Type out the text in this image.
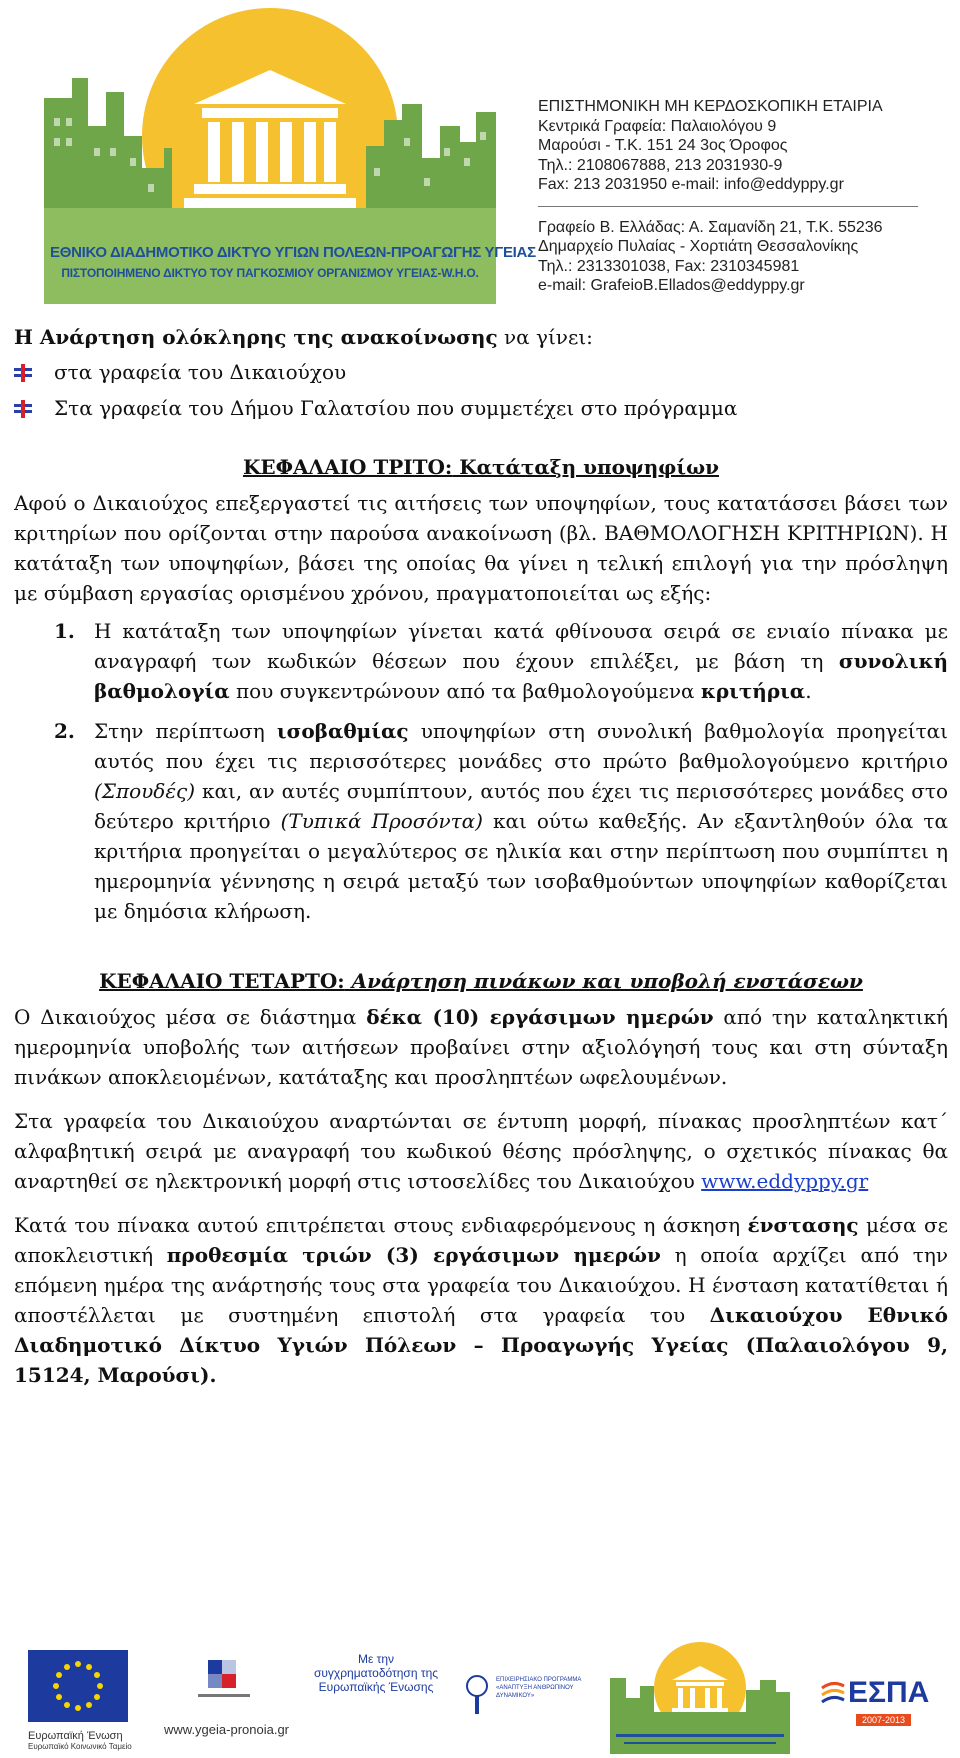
ΕΘΝΙΚΟ ΔΙΑΔΗΜΟΤΙΚΟ ΔΙΚΤΥΟ ΥΓΙΩΝ ΠΟΛΕΩΝ-ΠΡΟΑΓΩΓΗΣ ΥΓΕΙΑΣ
ΠΙΣΤΟΠΟΙΗΜΕΝΟ ΔΙΚΤΥΟ ΤΟΥ ΠΑΓΚΟΣΜΙΟΥ ΟΡΓΑΝΙΣΜΟΥ ΥΓΕΙΑΣ-W.H.O.
ΕΠΙΣΤΗΜΟΝΙΚΗ ΜΗ ΚΕΡΔΟΣΚΟΠΙΚΗ ΕΤΑΙΡΙΑ
Κεντρικά Γραφεία: Παλαιολόγου 9
Μαρούσι - Τ.Κ. 151 24 3ος Όροφος
Τηλ.: 2108067888, 213 2031930-9
Fax: 213 2031950 e-mail: info@eddyppy.gr
Γραφείο Β. Ελλάδας: Α. Σαμανίδη 21, Τ.Κ. 55236
Δημαρχείο Πυλαίας - Χορτιάτη Θεσσαλονίκης
Τηλ.: 2313301038, Fax: 2310345981
e-mail: GrafeioB.Ellados@eddyppy.gr

Η Ανάρτηση ολόκληρης της ανακοίνωσης να γίνει:

στα γραφεία του Δικαιούχου
Στα γραφεία του Δήμου Γαλατσίου που συμμετέχει στο πρόγραμμα
ΚΕΦΑΛΑΙΟ ΤΡΙΤΟ: Κατάταξη υποψηφίων

Αφού ο Δικαιούχος επεξεργαστεί τις αιτήσεις των υποψηφίων, τους κατατάσσει βάσει των κριτηρίων που ορίζονται στην παρούσα ανακοίνωση (βλ. ΒΑΘΜΟΛΟΓΗΣΗ ΚΡΙΤΗΡΙΩΝ). Η κατάταξη των υποψηφίων, βάσει της οποίας θα γίνει η τελική επιλογή για την πρόσληψη με σύμβαση εργασίας ορισμένου χρόνου, πραγματοποιείται ως εξής:

1. Η κατάταξη των υποψηφίων γίνεται κατά φθίνουσα σειρά σε ενιαίο πίνακα με αναγραφή των κωδικών θέσεων που έχουν επιλέξει, με βάση τη συνολική βαθμολογία που συγκεντρώνουν από τα βαθμολογούμενα κριτήρια.
2. Στην περίπτωση ισοβαθμίας υποψηφίων στη συνολική βαθμολογία προηγείται αυτός που έχει τις περισσότερες μονάδες στο πρώτο βαθμολογούμενο κριτήριο (Σπουδές) και, αν αυτές συμπίπτουν, αυτός που έχει τις περισσότερες μονάδες στο δεύτερο κριτήριο (Τυπικά Προσόντα) και ούτω καθεξής. Αν εξαντληθούν όλα τα κριτήρια προηγείται ο μεγαλύτερος σε ηλικία και στην περίπτωση που συμπίπτει η ημερομηνία γέννησης η σειρά μεταξύ των ισοβαθμούντων υποψηφίων καθορίζεται με δημόσια κλήρωση.
ΚΕΦΑΛΑΙΟ ΤΕΤΑΡΤΟ: Ανάρτηση πινάκων και υποβολή ενστάσεων

Ο Δικαιούχος μέσα σε διάστημα δέκα (10) εργάσιμων ημερών από την καταληκτική ημερομηνία υποβολής των αιτήσεων προβαίνει στην αξιολόγησή τους και στη σύνταξη πινάκων αποκλειομένων, κατάταξης και προσληπτέων ωφελουμένων.

Στα γραφεία του Δικαιούχου αναρτώνται σε έντυπη μορφή, πίνακας προσληπτέων κατ΄ αλφαβητική σειρά με αναγραφή του κωδικού θέσης πρόσληψης, ο σχετικός πίνακας θα αναρτηθεί σε ηλεκτρονική μορφή στις ιστοσελίδες του Δικαιούχου www.eddyppy.gr

Κατά του πίνακα αυτού επιτρέπεται στους ενδιαφερόμενους η άσκηση ένστασης μέσα σε αποκλειστική προθεσμία τριών (3) εργάσιμων ημερών η οποία αρχίζει από την επόμενη ημέρα της ανάρτησής τους στα γραφεία του Δικαιούχου. Η ένσταση κατατίθεται ή αποστέλλεται με συστημένη επιστολή στα γραφεία του Δικαιούχου Εθνικό Διαδημοτικό Δίκτυο Υγιών Πόλεων – Προαγωγής Υγείας (Παλαιολόγου 9, 15124, Μαρούσι).

Ευρωπαϊκή Ένωση
Ευρωπαϊκό Κοινωνικό Ταμείο
www.ygeia-pronoia.gr
Με την
συγχρηματοδότηση της
Ευρωπαϊκής Ένωσης	ΕΠΙΧΕΙΡΗΣΙΑΚΟ ΠΡΟΓΡΑΜΜΑ «ΑΝΑΠΤΥΞΗ ΑΝΘΡΩΠΙΝΟΥ ΔΥΝΑΜΙΚΟΥ»	ΕΣΠΑ
2007-2013
